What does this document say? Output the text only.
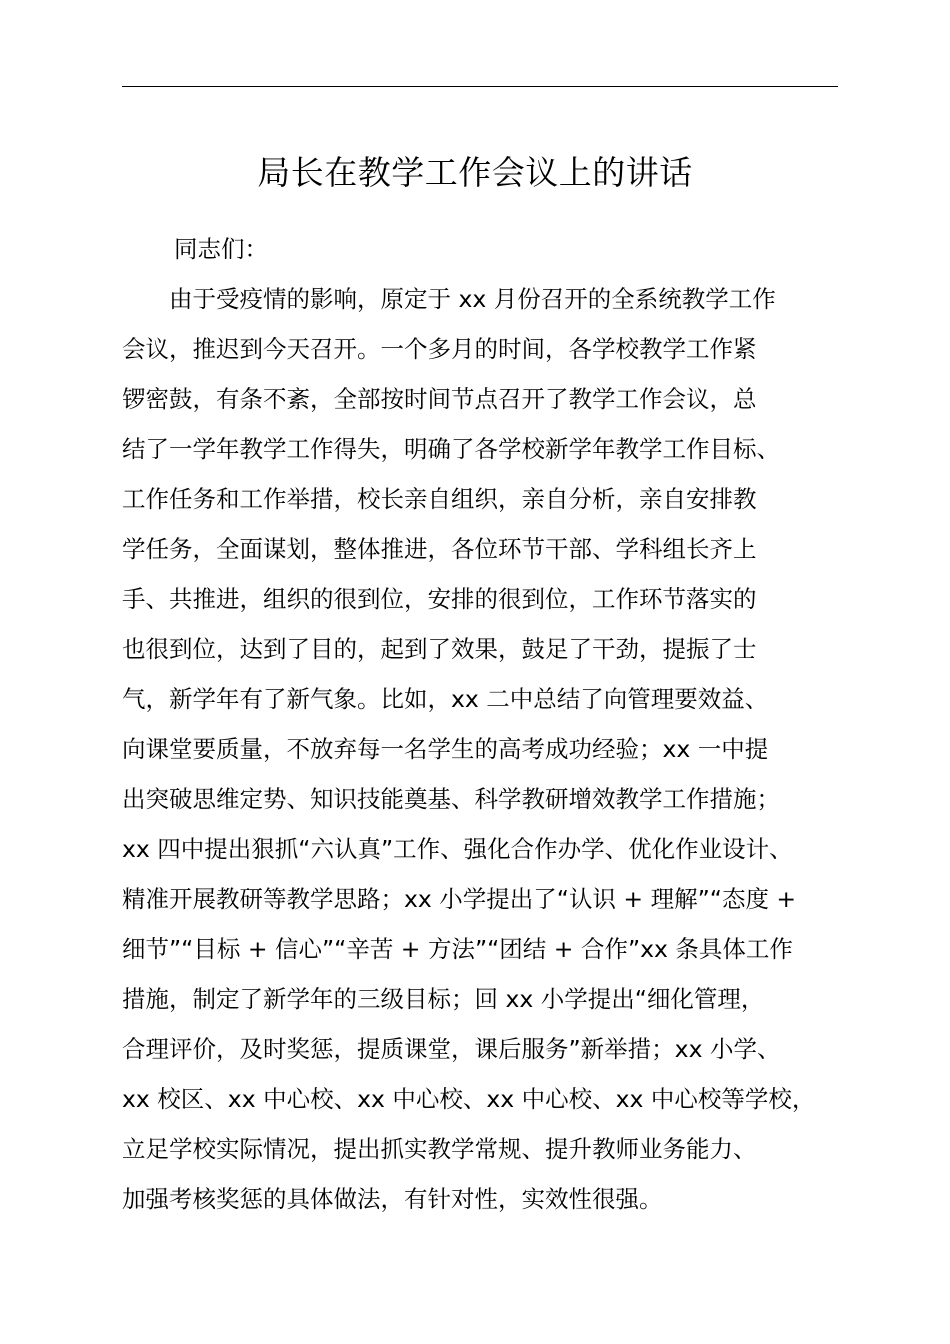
局长在教学工作会议上的讲话

同志们：

　　由于受疫情的影响，原定于 xx 月份召开的全系统教学工作

会议，推迟到今天召开。一个多月的时间，各学校教学工作紧

锣密鼓，有条不紊，全部按时间节点召开了教学工作会议，总

结了一学年教学工作得失，明确了各学校新学年教学工作目标、

工作任务和工作举措，校长亲自组织，亲自分析，亲自安排教

学任务，全面谋划，整体推进，各位环节干部、学科组长齐上

手、共推进，组织的很到位，安排的很到位，工作环节落实的

也很到位，达到了目的，起到了效果，鼓足了干劲，提振了士

气，新学年有了新气象。比如，xx 二中总结了向管理要效益、

向课堂要质量，不放弃每一名学生的高考成功经验；xx 一中提

出突破思维定势、知识技能奠基、科学教研增效教学工作措施；

xx 四中提出狠抓“六认真”工作、强化合作办学、优化作业设计、

精准开展教研等教学思路；xx 小学提出了“认识 + 理解”“态度 +

细节”“目标 + 信心”“辛苦 + 方法”“团结 + 合作”xx 条具体工作

措施，制定了新学年的三级目标；回 xx 小学提出“细化管理，

合理评价，及时奖惩，提质课堂，课后服务”新举措；xx 小学、

xx 校区、xx 中心校、xx 中心校、xx 中心校、xx 中心校等学校，

立足学校实际情况，提出抓实教学常规、提升教师业务能力、

加强考核奖惩的具体做法，有针对性，实效性很强。
